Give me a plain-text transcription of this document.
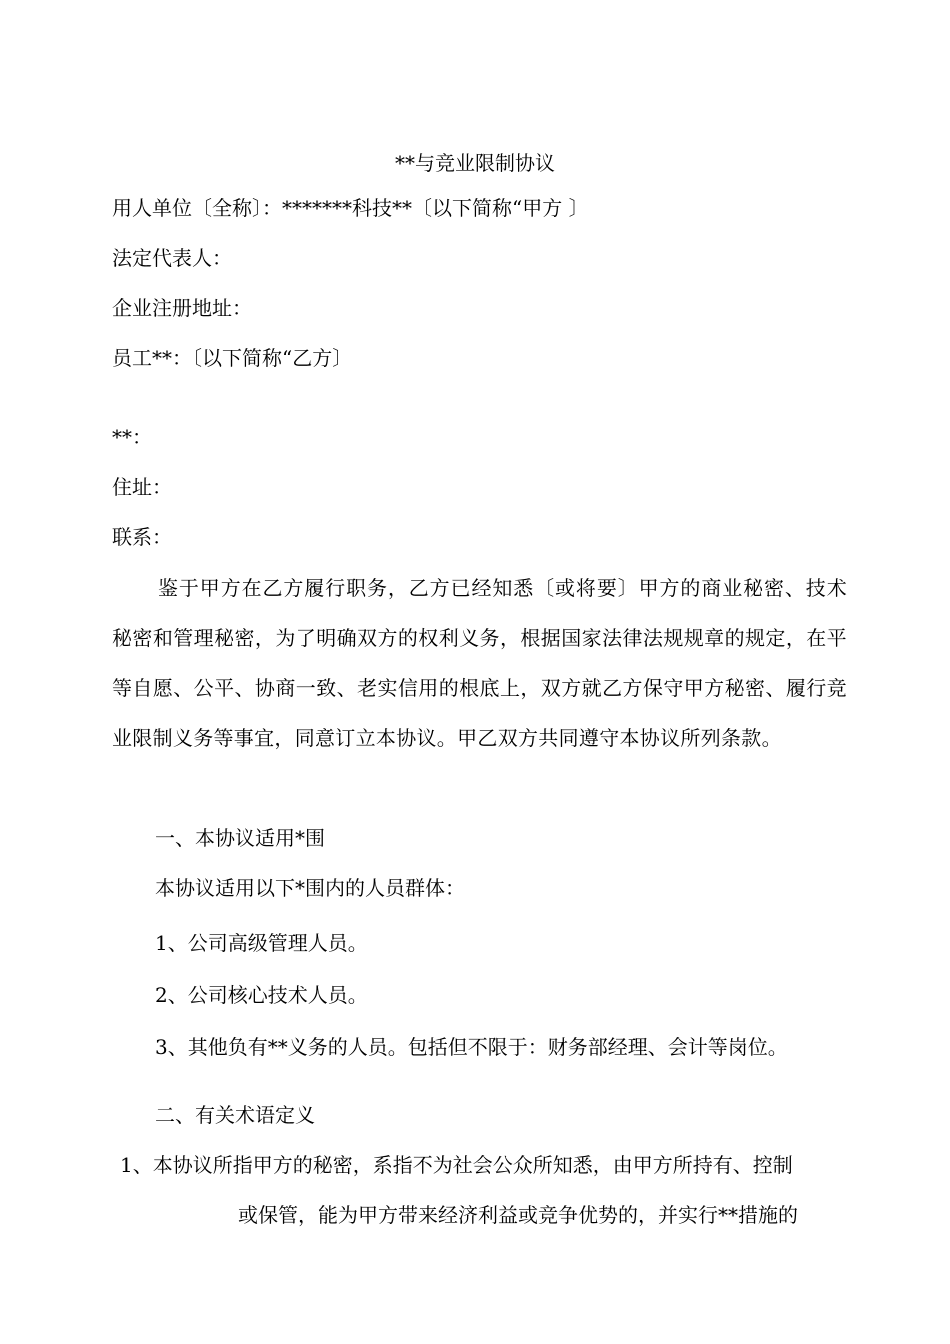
**与竞业限制协议
用人单位〔全称〕：*******科技**〔以下简称“甲方 〕
法定代表人：
企业注册地址：
员工**：〔以下简称“乙方〕
**：
住址：
联系：
鉴于甲方在乙方履行职务，乙方已经知悉〔或将要〕甲方的商业秘密、技术秘密和管理秘密，为了明确双方的权利义务，根据国家法律法规规章的规定，在平等自愿、公平、协商一致、老实信用的根底上，双方就乙方保守甲方秘密、履行竞业限制义务等事宜，同意订立本协议。甲乙双方共同遵守本协议所列条款。
一、本协议适用*围
本协议适用以下*围内的人员群体：
1、公司高级管理人员。
2、公司核心技术人员。
3、其他负有**义务的人员。包括但不限于：财务部经理、会计等岗位。
二、有关术语定义
1、本协议所指甲方的秘密，系指不为社会公众所知悉，由甲方所持有、控制
或保管，能为甲方带来经济利益或竞争优势的，并实行**措施的
